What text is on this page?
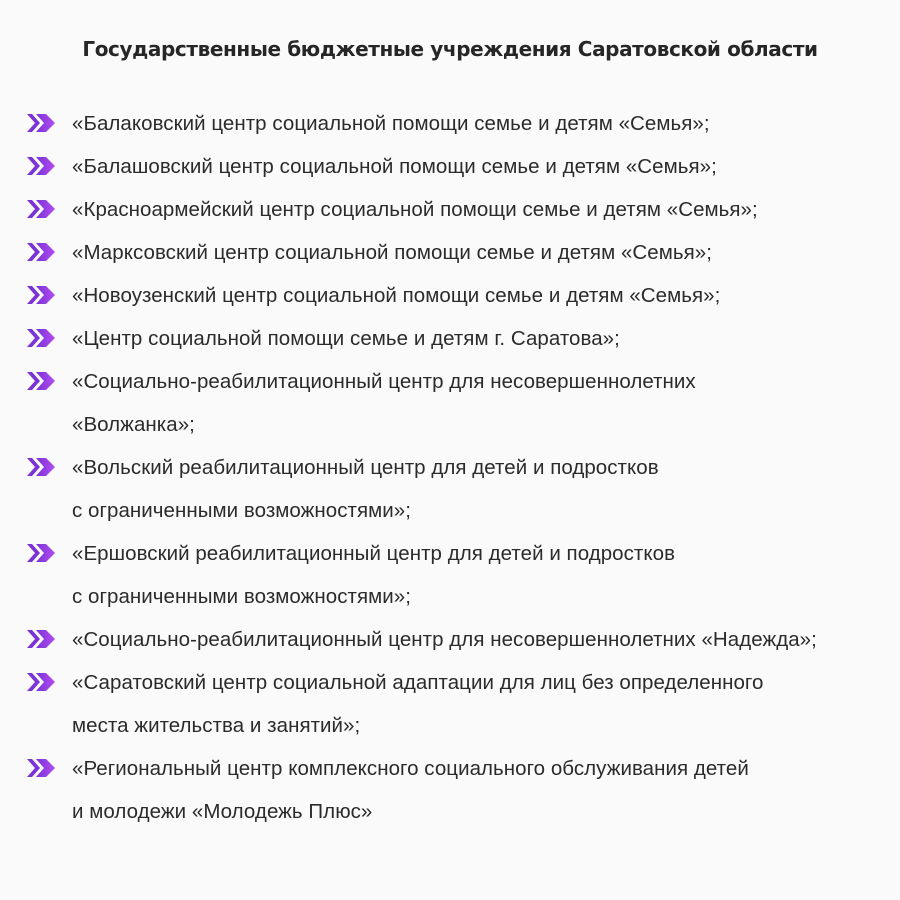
Государственные бюджетные учреждения Саратовской области
«Балаковский центр социальной помощи семье и детям «Семья»;
«Балашовский центр социальной помощи семье и детям «Семья»;
«Красноармейский центр социальной помощи семье и детям «Семья»;
«Марксовский центр социальной помощи семье и детям «Семья»;
«Новоузенский центр социальной помощи семье и детям «Семья»;
«Центр социальной помощи семье и детям г. Саратова»;
«Социально-реабилитационный центр для несовершеннолетних
«Волжанка»;
«Вольский реабилитационный центр для детей и подростков
с ограниченными возможностями»;
«Ершовский реабилитационный центр для детей и подростков
с ограниченными возможностями»;
«Социально-реабилитационный центр для несовершеннолетних «Надежда»;
«Саратовский центр социальной адаптации для лиц без определенного
места жительства и занятий»;
«Региональный центр комплексного социального обслуживания детей
и молодежи «Молодежь Плюс»
